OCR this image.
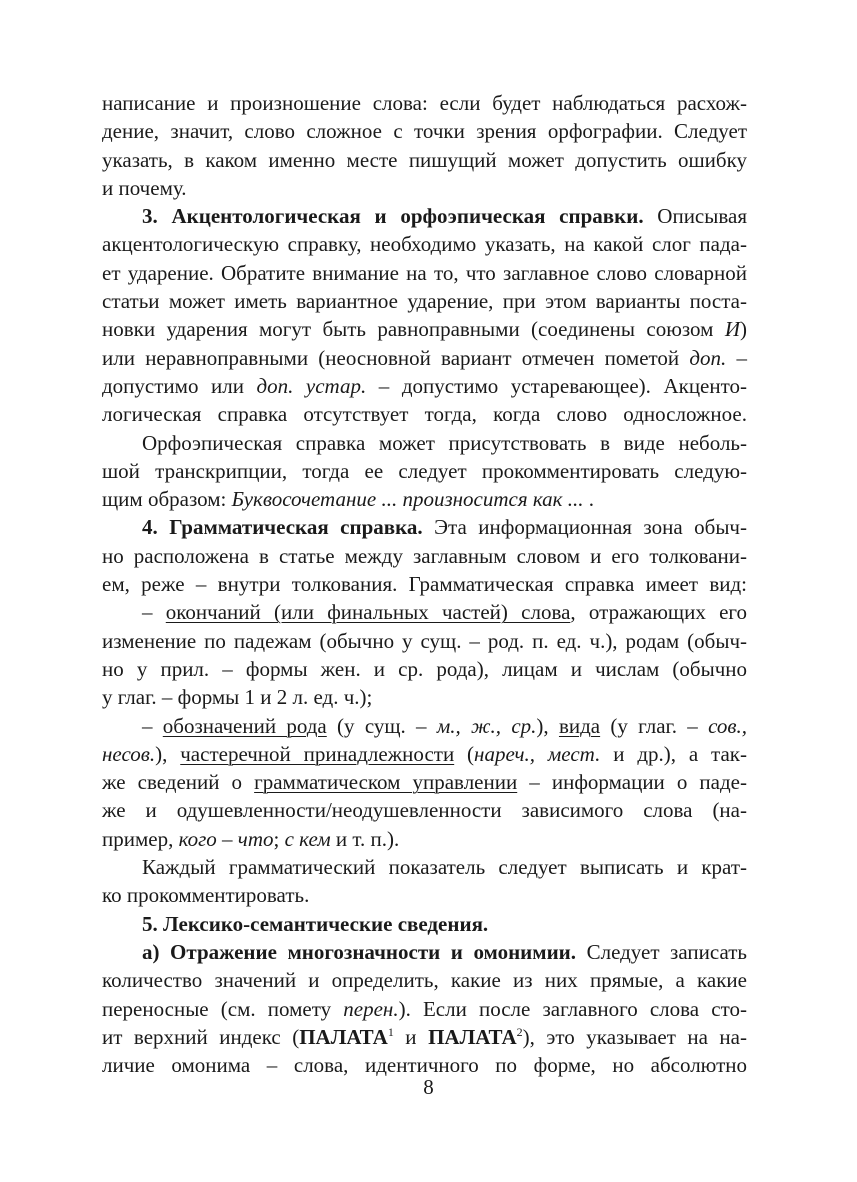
написание и произношение слова: если будет наблюдаться расхож-
дение, значит, слово сложное с точки зрения орфографии. Следует
указать, в каком именно месте пишущий может допустить ошибку
и почему.
3. Акцентологическая и орфоэпическая справки. Описывая
акцентологическую справку, необходимо указать, на какой слог пада-
ет ударение. Обратите внимание на то, что заглавное слово словарной
статьи может иметь вариантное ударение, при этом варианты поста-
новки ударения могут быть равноправными (соединены союзом И)
или неравноправными (неосновной вариант отмечен пометой доп. –
допустимо или доп. устар. – допустимо устаревающее). Акценто-
логическая справка отсутствует тогда, когда слово односложное.
Орфоэпическая справка может присутствовать в виде неболь-
шой транскрипции, тогда ее следует прокомментировать следую-
щим образом: Буквосочетание ... произносится как ... .
4. Грамматическая справка. Эта информационная зона обыч-
но расположена в статье между заглавным словом и его толковани-
ем, реже – внутри толкования. Грамматическая справка имеет вид:
– окончаний (или финальных частей) слова, отражающих его
изменение по падежам (обычно у сущ. – род. п. ед. ч.), родам (обыч-
но у прил. – формы жен. и ср. рода), лицам и числам (обычно
у глаг. – формы 1 и 2 л. ед. ч.);
– обозначений рода (у сущ. – м., ж., ср.), вида (у глаг. – сов.,
несов.), частеречной принадлежности (нареч., мест. и др.), а так-
же сведений о грамматическом управлении – информации о паде-
же и одушевленности/неодушевленности зависимого слова (на-
пример, кого – что; с кем и т. п.).
Каждый грамматический показатель следует выписать и крат-
ко прокомментировать.
5. Лексико-семантические сведения.
а) Отражение многозначности и омонимии. Следует записать
количество значений и определить, какие из них прямые, а какие
переносные (см. помету перен.). Если после заглавного слова сто-
ит верхний индекс (ПАЛАТА$^1$ и ПАЛАТА$^2$), это указывает на на-
личие омонима – слова, идентичного по форме, но абсолютно
8
